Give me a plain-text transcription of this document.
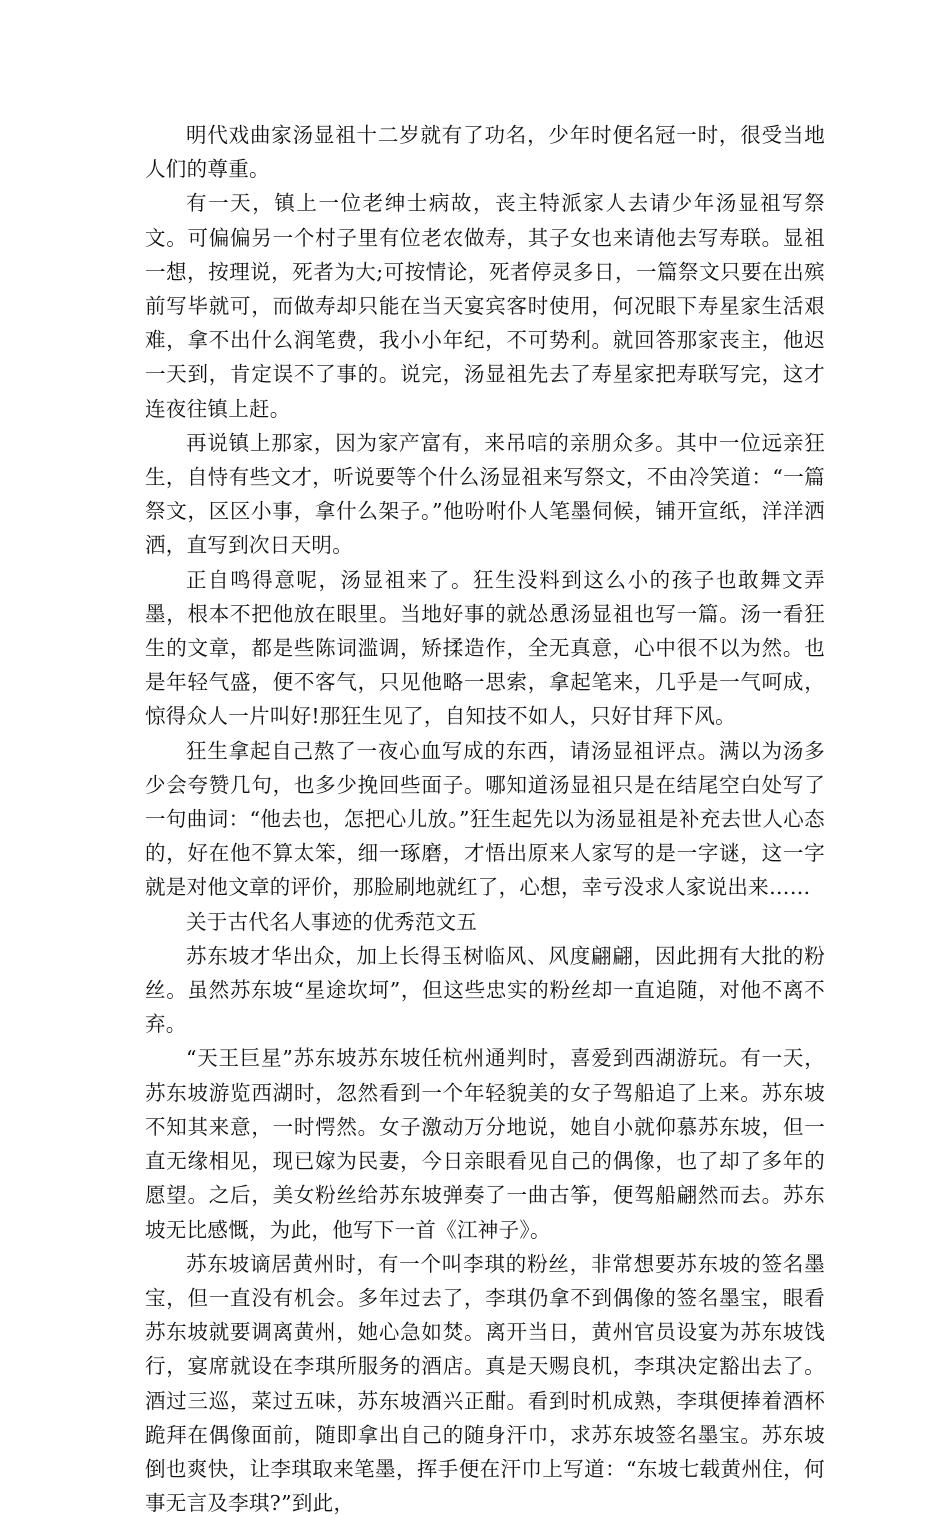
明代戏曲家汤显祖十二岁就有了功名，少年时便名冠一时，很受当地人们的尊重。

有一天，镇上一位老绅士病故，丧主特派家人去请少年汤显祖写祭文。可偏偏另一个村子里有位老农做寿，其子女也来请他去写寿联。显祖一想，按理说，死者为大;可按情论，死者停灵多日，一篇祭文只要在出殡前写毕就可，而做寿却只能在当天宴宾客时使用，何况眼下寿星家生活艰难，拿不出什么润笔费，我小小年纪，不可势利。就回答那家丧主，他迟一天到，肯定误不了事的。说完，汤显祖先去了寿星家把寿联写完，这才连夜往镇上赶。

再说镇上那家，因为家产富有，来吊唁的亲朋众多。其中一位远亲狂生，自恃有些文才，听说要等个什么汤显祖来写祭文，不由冷笑道：“一篇祭文，区区小事，拿什么架子。”他吩咐仆人笔墨伺候，铺开宣纸，洋洋洒洒，直写到次日天明。

正自鸣得意呢，汤显祖来了。狂生没料到这么小的孩子也敢舞文弄墨，根本不把他放在眼里。当地好事的就怂恿汤显祖也写一篇。汤一看狂生的文章，都是些陈词滥调，矫揉造作，全无真意，心中很不以为然。也是年轻气盛，便不客气，只见他略一思索，拿起笔来，几乎是一气呵成，惊得众人一片叫好!那狂生见了，自知技不如人，只好甘拜下风。

狂生拿起自己熬了一夜心血写成的东西，请汤显祖评点。满以为汤多少会夸赞几句，也多少挽回些面子。哪知道汤显祖只是在结尾空白处写了一句曲词：“他去也，怎把心儿放。”狂生起先以为汤显祖是补充去世人心态的，好在他不算太笨，细一琢磨，才悟出原来人家写的是一字谜，这一字就是对他文章的评价，那脸刷地就红了，心想，幸亏没求人家说出来……

关于古代名人事迹的优秀范文五

苏东坡才华出众，加上长得玉树临风、风度翩翩，因此拥有大批的粉丝。虽然苏东坡“星途坎坷”，但这些忠实的粉丝却一直追随，对他不离不弃。

“天王巨星”苏东坡苏东坡任杭州通判时，喜爱到西湖游玩。有一天，苏东坡游览西湖时，忽然看到一个年轻貌美的女子驾船追了上来。苏东坡不知其来意，一时愕然。女子激动万分地说，她自小就仰慕苏东坡，但一直无缘相见，现已嫁为民妻，今日亲眼看见自己的偶像，也了却了多年的愿望。之后，美女粉丝给苏东坡弹奏了一曲古筝，便驾船翩然而去。苏东坡无比感慨，为此，他写下一首《江神子》。

苏东坡谪居黄州时，有一个叫李琪的粉丝，非常想要苏东坡的签名墨宝，但一直没有机会。多年过去了，李琪仍拿不到偶像的签名墨宝，眼看苏东坡就要调离黄州，她心急如焚。离开当日，黄州官员设宴为苏东坡饯行，宴席就设在李琪所服务的酒店。真是天赐良机，李琪决定豁出去了。酒过三巡，菜过五味，苏东坡酒兴正酣。看到时机成熟，李琪便捧着酒杯跪拜在偶像面前，随即拿出自己的随身汗巾，求苏东坡签名墨宝。苏东坡倒也爽快，让李琪取来笔墨，挥手便在汗巾上写道：“东坡七载黄州住，何事无言及李琪?”到此，
